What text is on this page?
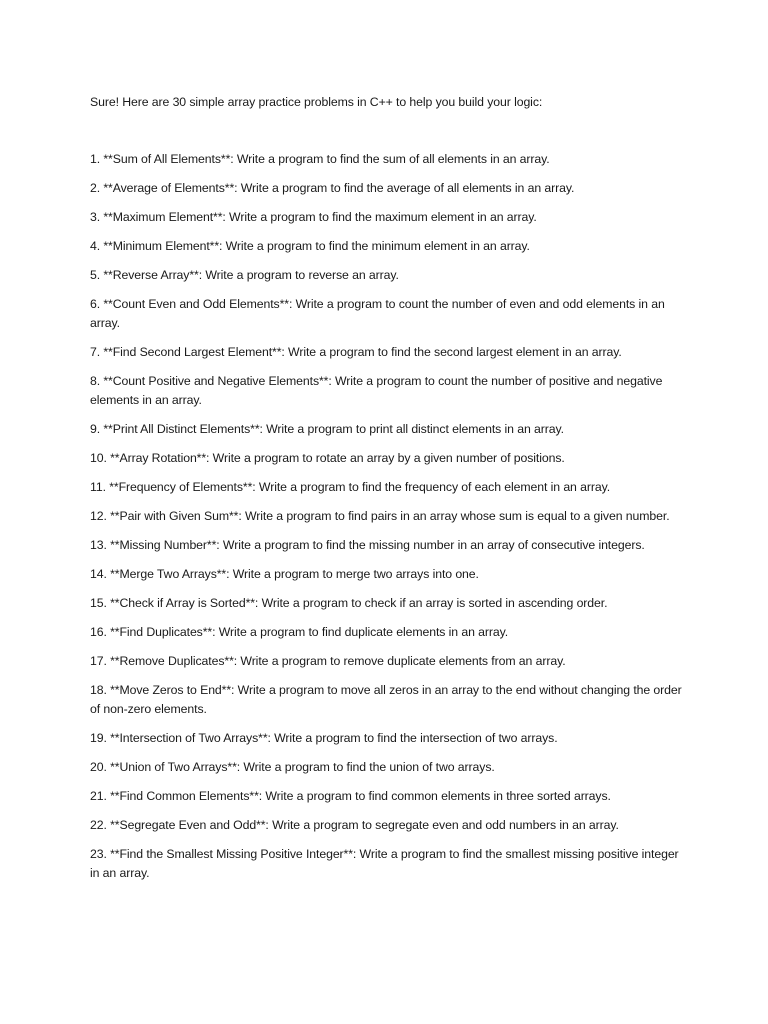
Sure! Here are 30 simple array practice problems in C++ to help you build your logic:

1. **Sum of All Elements**: Write a program to find the sum of all elements in an array.
2. **Average of Elements**: Write a program to find the average of all elements in an array.
3. **Maximum Element**: Write a program to find the maximum element in an array.
4. **Minimum Element**: Write a program to find the minimum element in an array.
5. **Reverse Array**: Write a program to reverse an array.
6. **Count Even and Odd Elements**: Write a program to count the number of even and odd elements in an array.
7. **Find Second Largest Element**: Write a program to find the second largest element in an array.
8. **Count Positive and Negative Elements**: Write a program to count the number of positive and negative elements in an array.
9. **Print All Distinct Elements**: Write a program to print all distinct elements in an array.
10. **Array Rotation**: Write a program to rotate an array by a given number of positions.
11. **Frequency of Elements**: Write a program to find the frequency of each element in an array.
12. **Pair with Given Sum**: Write a program to find pairs in an array whose sum is equal to a given number.
13. **Missing Number**: Write a program to find the missing number in an array of consecutive integers.
14. **Merge Two Arrays**: Write a program to merge two arrays into one.
15. **Check if Array is Sorted**: Write a program to check if an array is sorted in ascending order.
16. **Find Duplicates**: Write a program to find duplicate elements in an array.
17. **Remove Duplicates**: Write a program to remove duplicate elements from an array.
18. **Move Zeros to End**: Write a program to move all zeros in an array to the end without changing the order of non-zero elements.
19. **Intersection of Two Arrays**: Write a program to find the intersection of two arrays.
20. **Union of Two Arrays**: Write a program to find the union of two arrays.
21. **Find Common Elements**: Write a program to find common elements in three sorted arrays.
22. **Segregate Even and Odd**: Write a program to segregate even and odd numbers in an array.
23. **Find the Smallest Missing Positive Integer**: Write a program to find the smallest missing positive integer in an array.
